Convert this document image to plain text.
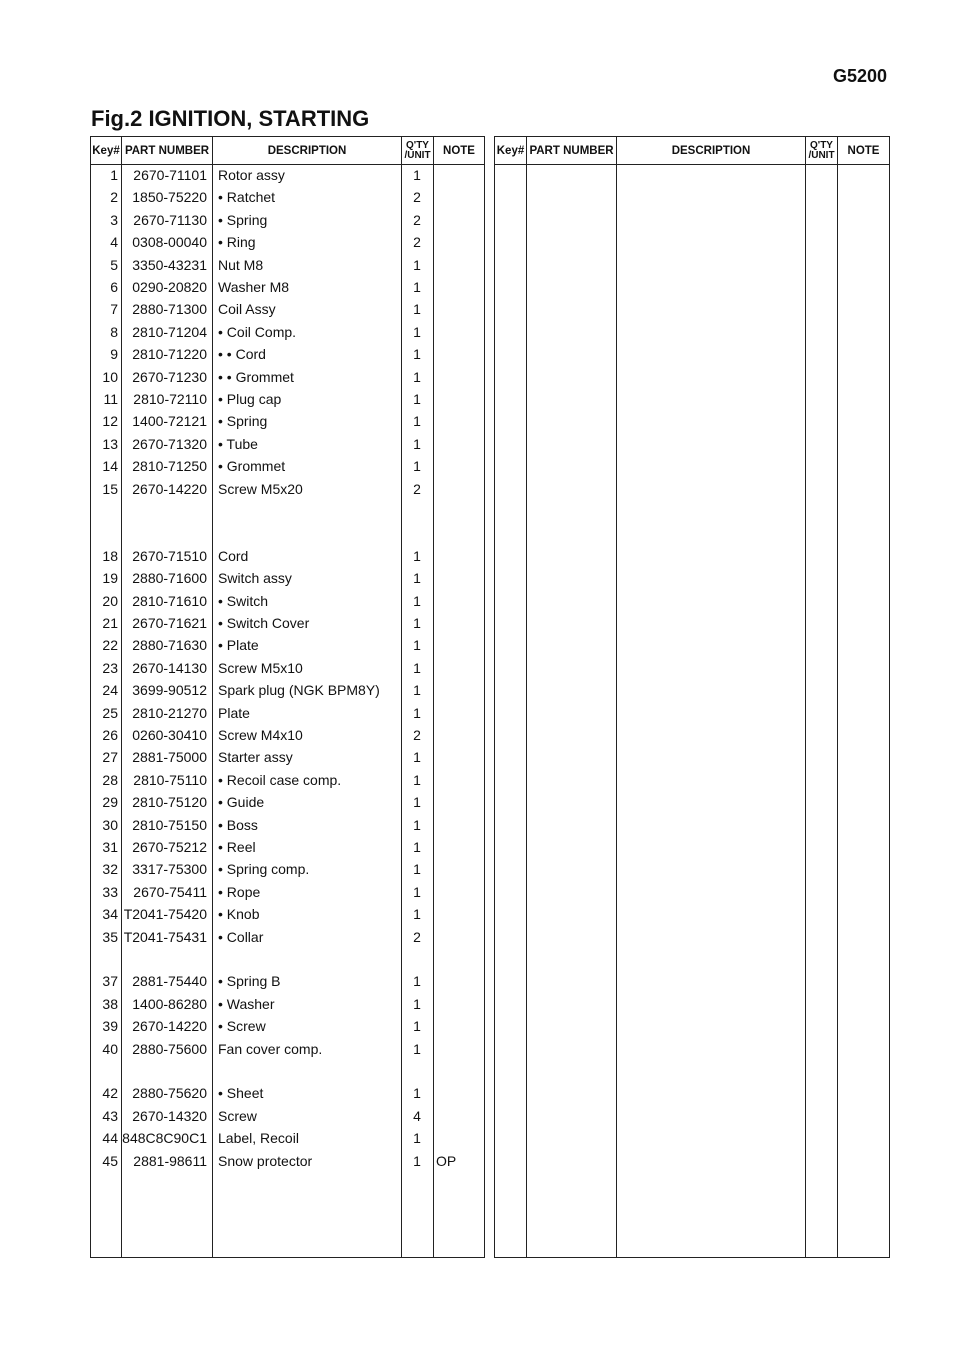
G5200
Fig.2 IGNITION, STARTING
Key# PART NUMBER	DESCRIPTION	Q'TY
/UNIT	NOTE
1	2670-71101 Rotor assy	1
2	1850-75220 • Ratchet	2
3	2670-71130 • Spring	2
4	0308-00040 • Ring	2
5	3350-43231 Nut M8	1
6	0290-20820 Washer M8	1
7	2880-71300 Coil Assy	1
8	2810-71204 • Coil Comp.	1
9	2810-71220 • • Cord	1
10	2670-71230 • • Grommet	1
11	2810-72110 • Plug cap	1
12	1400-72121 • Spring	1
13	2670-71320 • Tube	1
14	2810-71250 • Grommet	1
15	2670-14220 Screw M5x20	2
18	2670-71510 Cord	1
19	2880-71600 Switch assy	1
20	2810-71610 • Switch	1
21	2670-71621 • Switch Cover	1
22	2880-71630 • Plate	1
23	2670-14130 Screw M5x10	1
24	3699-90512 Spark plug (NGK BPM8Y)	1
25	2810-21270 Plate	1
26	0260-30410 Screw M4x10	2
27	2881-75000 Starter assy	1
28	2810-75110 • Recoil case comp.	1
29	2810-75120 • Guide	1
30	2810-75150 • Boss	1
31	2670-75212 • Reel	1
32	3317-75300 • Spring comp.	1
33	2670-75411 • Rope	1
34 T2041-75420 • Knob	1
35 T2041-75431 • Collar	2
37	2881-75440 • Spring B	1
38	1400-86280 • Washer	1
39	2670-14220 • Screw	1
40	2880-75600 Fan cover comp.	1
42	2880-75620 • Sheet	1
43	2670-14320 Screw	4
44 848C8C90C1 Label, Recoil	1
45	2881-98611 Snow protector	1	OP
Key# PART NUMBER	DESCRIPTION	Q'TY
/UNIT	NOTE
